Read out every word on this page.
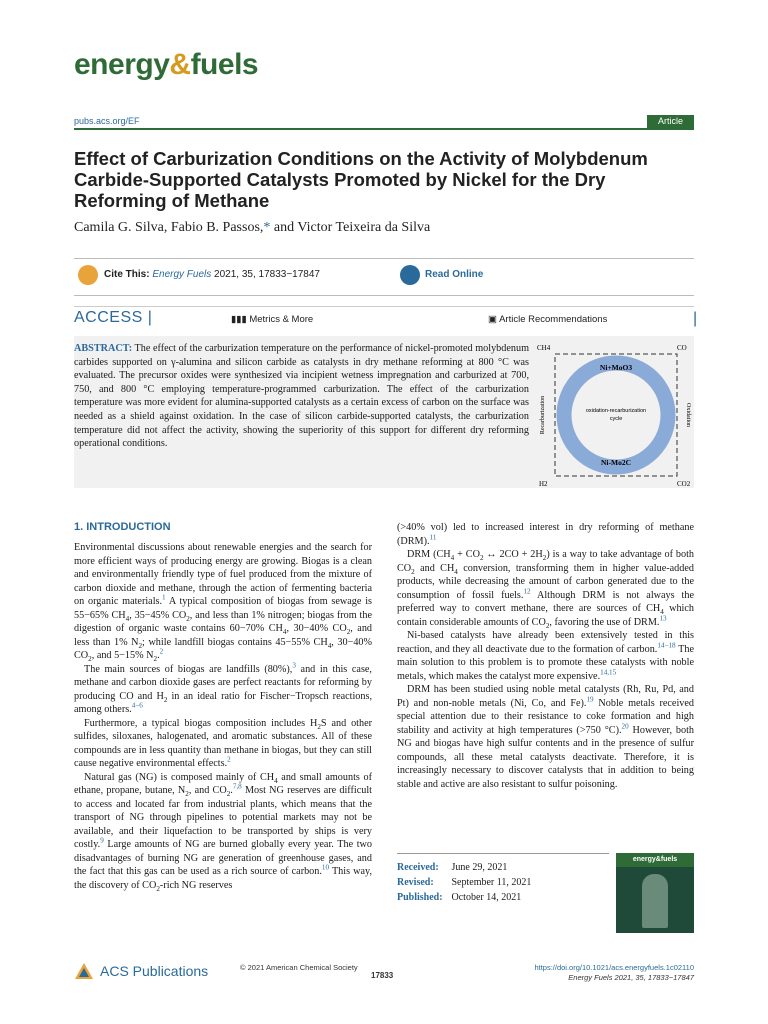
energy&fuels
pubs.acs.org/EF	Article
Effect of Carburization Conditions on the Activity of Molybdenum Carbide-Supported Catalysts Promoted by Nickel for the Dry Reforming of Methane
Camila G. Silva, Fabio B. Passos,* and Victor Teixeira da Silva
Cite This: Energy Fuels 2021, 35, 17833−17847	Read Online
ACCESS |	▮▮▮ Metrics & More	▣ Article Recommendations	|
ABSTRACT: The effect of the carburization temperature on the performance of nickel-promoted molybdenum carbides supported on γ-alumina and silicon carbide as catalysts in dry methane reforming at 800 °C was evaluated. The precursor oxides were synthesized via incipient wetness impregnation and carburized at 700, 750, and 800 °C employing temperature-programmed carburization. The effect of the carburization temperature was more evident for alumina-supported catalysts as a certain excess of carbon on the surface was needed as a shield against oxidation. In the case of silicon carbide-supported catalysts, the carburization temperature did not affect the activity, showing the superiority of this support for different dry reforming operational conditions.
CH4	CO
H2	CO2
Ni+MoO3
Ni-Mo2C
oxidation-recarburization
cycle
Recarburization	Oxidation
1. INTRODUCTION

Environmental discussions about renewable energies and the search for more efficient ways of producing energy are growing. Biogas is a clean and environmentally friendly type of fuel produced from the mixture of carbon dioxide and methane, through the action of fermenting bacteria on organic materials.$^1$ A typical composition of biogas from sewage is 55−65% $CH_4$, 35−45% $CO_2$, and less than 1% nitrogen; biogas from the digestion of organic waste contains 60−70% $CH_4$, 30−40% $CO_2$, and less than 1% $N_2$; while landfill biogas contains 45−55% $CH_4$, 30−40% $CO_2$, and 5−15% $N_2.^2$

The main sources of biogas are landfills (80%),$^3$ and in this case, methane and carbon dioxide gases are perfect reactants for reforming by producing CO and $H_2$ in an ideal ratio for Fischer−Tropsch reactions, among others.$^{4-6}$

Furthermore, a typical biogas composition includes $H_2S$ and other sulfides, siloxanes, halogenated, and aromatic substances. All of these compounds are in less quantity than methane in biogas, but they can still cause negative environmental effects.$^2$

Natural gas (NG) is composed mainly of $CH_4$ and small amounts of ethane, propane, butane, $N_2$, and $CO_2.^{7,8}$ Most NG reserves are difficult to access and located far from industrial plants, which means that the transport of NG through pipelines to potential markets may not be available, and their liquefaction to be transported by ships is very costly.$^9$ Large amounts of NG are burned globally every year. The two disadvantages of burning NG are generation of greenhouse gases, and the fact that this gas can be used as a rich source of carbon.$^{10}$ This way, the discovery of $CO_2$-rich NG reserves

(>40% vol) led to increased interest in dry reforming of methane (DRM).$^{11}$

DRM ($CH_4 + CO_2$ ↔ $2CO + 2H_2$) is a way to take advantage of both $CO_2$ and $CH_4$ conversion, transforming them in higher value-added products, while decreasing the amount of carbon generated due to the consumption of fossil fuels.$^{12}$ Although DRM is not always the preferred way to convert methane, there are sources of $CH_4$ which contain considerable amounts of $CO_2$, favoring the use of DRM.$^{13}$

Ni-based catalysts have already been extensively tested in this reaction, and they all deactivate due to the formation of carbon.$^{14-18}$ The main solution to this problem is to promote these catalysts with noble metals, which makes the catalyst more expensive.$^{14,15}$

DRM has been studied using noble metal catalysts (Rh, Ru, Pd, and Pt) and non-noble metals (Ni, Co, and Fe).$^{19}$ Noble metals received special attention due to their resistance to coke formation and high stability and activity at high temperatures (>750 °C).$^{20}$ However, both NG and biogas have high sulfur contents and in the presence of sulfur compounds, all these metal catalysts deactivate. Therefore, it is increasingly necessary to discover catalysts that in addition to being stable and active are also resistant to sulfur poisoning.

Received: June 29, 2021
Revised: September 11, 2021
Published: October 14, 2021
energy&fuels
ACS Publications	© 2021 American Chemical Society
17833
https://doi.org/10.1021/acs.energyfuels.1c02110
Energy Fuels 2021, 35, 17833−17847
